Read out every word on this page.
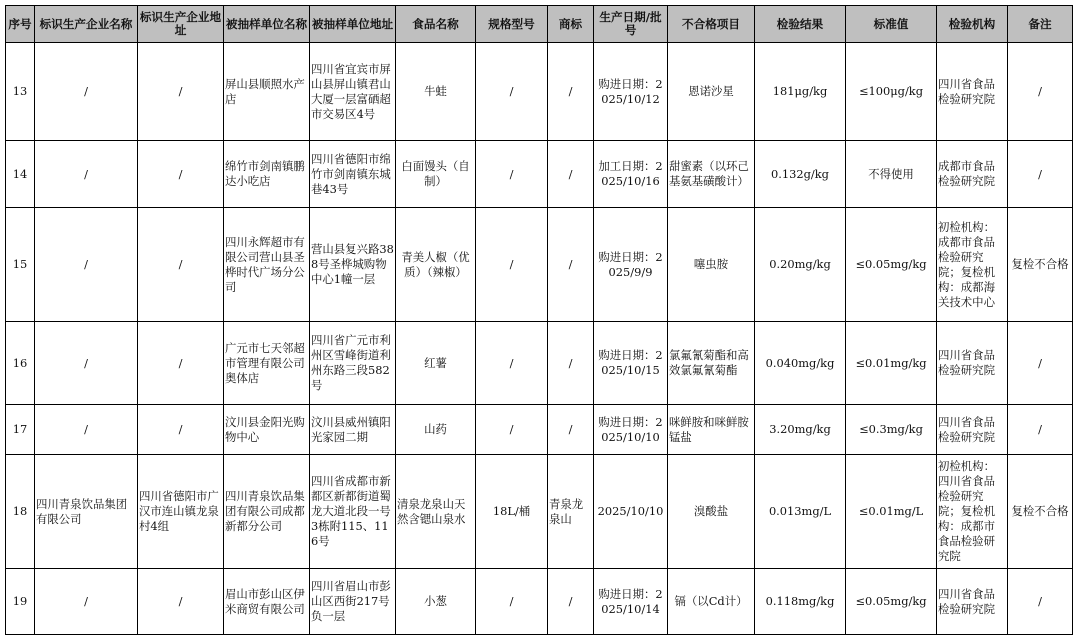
序号	标识生产企业名称	标识生产企业地址	被抽样单位名称	被抽样单位地址	食品名称	规格型号	商标	生产日期/批号	不合格项目	检验结果	标准值	检验机构	备注
13	/	/	屏山县顺照水产店	四川省宜宾市屏山县屏山镇君山大厦一层富硒超市交易区4号	牛蛙	/	/	购进日期：2025/10/12	恩诺沙星	181μg/kg	≤100μg/kg	四川省食品检验研究院	/
14	/	/	绵竹市剑南镇鹏达小吃店	四川省德阳市绵竹市剑南镇东城巷43号	白面馒头（自制）	/	/	加工日期：2025/10/16	甜蜜素（以环己基氨基磺酸计）	0.132g/kg	不得使用	成都市食品检验研究院	/
15	/	/	四川永辉超市有限公司营山县圣桦时代广场分公司	营山县复兴路388号圣桦城购物中心1幢一层	青美人椒（优质）（辣椒）	/	/	购进日期：2025/9/9	噻虫胺	0.20mg/kg	≤0.05mg/kg	初检机构：成都市食品检验研究院；复检机构：成都海关技术中心	复检不合格
16	/	/	广元市七天邻超市管理有限公司奥体店	四川省广元市利州区雪峰街道利州东路三段582号	红薯	/	/	购进日期：2025/10/15	氯氟氰菊酯和高效氯氟氰菊酯	0.040mg/kg	≤0.01mg/kg	四川省食品检验研究院	/
17	/	/	汶川县金阳光购物中心	汶川县威州镇阳光家园二期	山药	/	/	购进日期：2025/10/10	咪鲜胺和咪鲜胺锰盐	3.20mg/kg	≤0.3mg/kg	四川省食品检验研究院	/
18	四川青泉饮品集团有限公司	四川省德阳市广汉市连山镇龙泉村4组	四川青泉饮品集团有限公司成都新都分公司	四川省成都市新都区新都街道蜀龙大道北段一号3栋附115、116号	清泉龙泉山天然含锶山泉水	18L/桶	青泉龙泉山	2025/10/10	溴酸盐	0.013mg/L	≤0.01mg/L	初检机构：四川省食品检验研究院；复检机构：成都市食品检验研究院	复检不合格
19	/	/	眉山市彭山区伊米商贸有限公司	四川省眉山市彭山区西街217号负一层	小葱	/	/	购进日期：2025/10/14	镉（以Cd计）	0.118mg/kg	≤0.05mg/kg	四川省食品检验研究院	/
